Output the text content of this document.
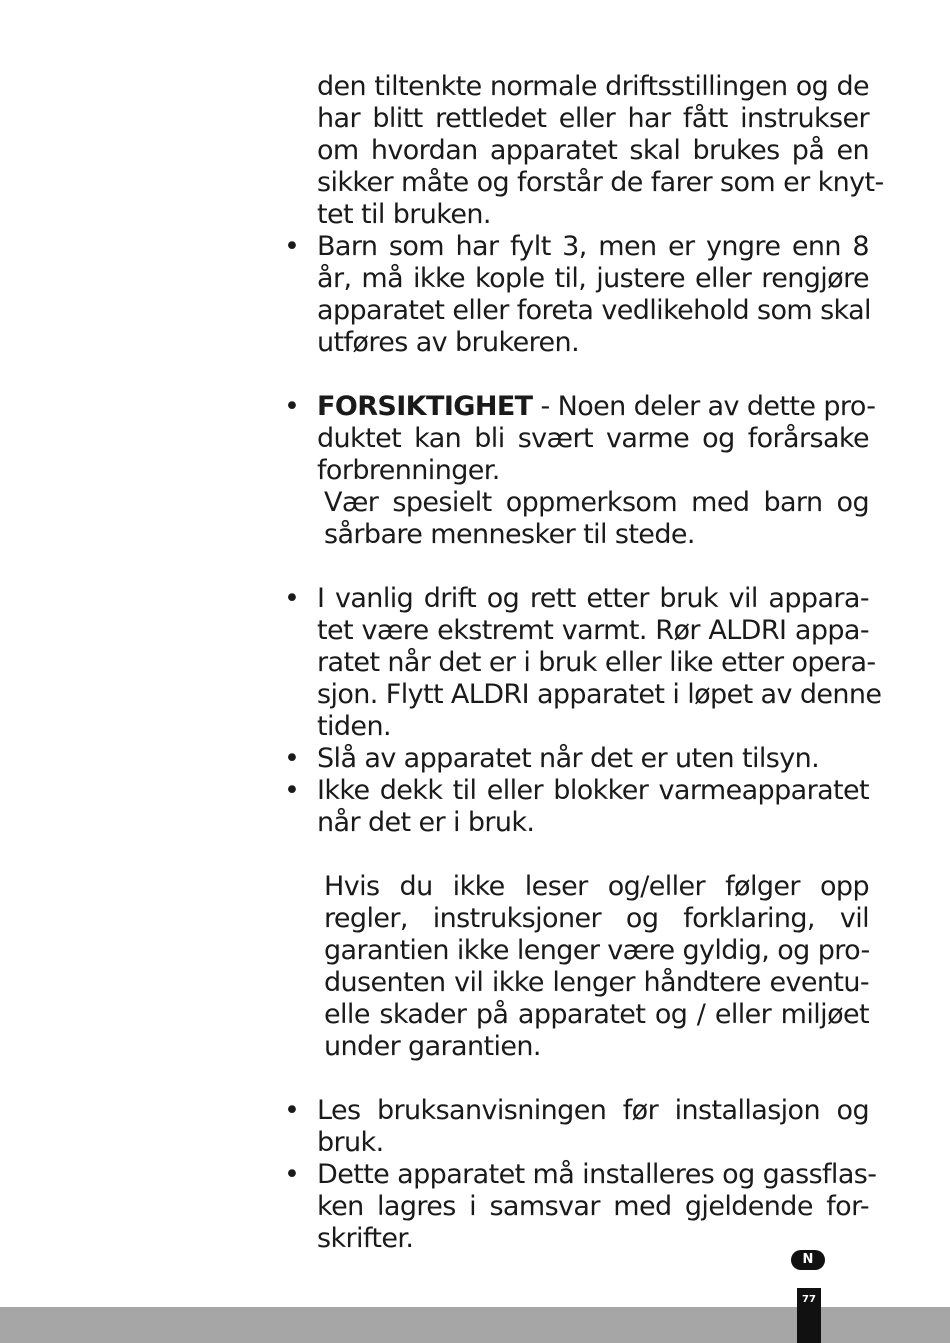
den tiltenkte normale driftsstillingen og de
har blitt rettledet eller har fått instrukser
om hvordan apparatet skal brukes på en
sikker måte og forstår de farer som er knyt-
tet til bruken.
• Barn som har fylt 3, men er yngre enn 8
år, må ikke kople til, justere eller rengjøre
apparatet eller foreta vedlikehold som skal
utføres av brukeren.
• FORSIKTIGHET - Noen deler av dette pro-
duktet kan bli svært varme og forårsake
forbrenninger.
Vær spesielt oppmerksom med barn og
sårbare mennesker til stede.
• I vanlig drift og rett etter bruk vil appara-
tet være ekstremt varmt. Rør ALDRI appa-
ratet når det er i bruk eller like etter opera-
sjon. Flytt ALDRI apparatet i løpet av denne
tiden.
• Slå av apparatet når det er uten tilsyn.
• Ikke dekk til eller blokker varmeapparatet
når det er i bruk.
Hvis du ikke leser og/eller følger opp
regler, instruksjoner og forklaring, vil
garantien ikke lenger være gyldig, og pro-
dusenten vil ikke lenger håndtere eventu-
elle skader på apparatet og / eller miljøet
under garantien.
• Les bruksanvisningen før installasjon og
bruk.
• Dette apparatet må installeres og gassflas-
ken lagres i samsvar med gjeldende for-
skrifter.
N
77
